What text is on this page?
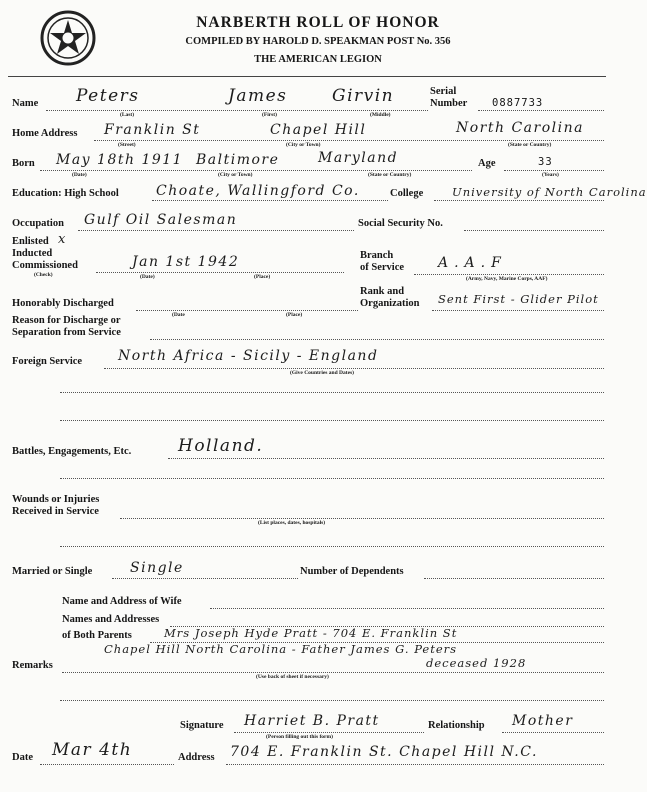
NARBERTH ROLL OF HONOR
COMPILED BY HAROLD D. SPEAKMAN POST No. 356
THE AMERICAN LEGION
Name Peters	James	Girvin
(Last)	(First)	(Middle)
Serial
Number 0887733
Home Address Franklin St	Chapel Hill	North Carolina
(Street)	(City or Town)	(State or Country)
Born May 18th 1911 Baltimore	Maryland
(Date)	(City or Town)	(State or Country)
Age	33
(Years)
Education: High School	Choate, Wallingford Co.	College	University of North Carolina
Occupation Gulf Oil Salesman	Social Security No.
Enlisted x
Inducted
Commissioned	Jan 1st 1942
(Check)	(Date)	(Place)
Branch
of Service A.A.F
(Army, Navy, Marine Corps, AAF)
Rank and
Organization Sent First - Glider Pilot
Honorably Discharged
(Date	(Place)
Reason for Discharge or
Separation from Service
Foreign Service	North Africa - Sicily - England
(Give Countries and Dates)
Battles, Engagements, Etc.	Holland.
Wounds or Injuries
Received in Service
(List places, dates, hospitals)
Married or Single	Single	Number of Dependents
Name and Address of Wife
Names and Addresses
of Both Parents	Mrs Joseph Hyde Pratt - 704 E. Franklin St
Chapel Hill North Carolina - Father James G. Peters
deceased 1928
Remarks
(Use back of sheet if necessary)
Signature Harriet B. Pratt
(Person filling out this form)
Relationship Mother
Date Mar 4th	Address 704 E. Franklin St. Chapel Hill N.C.
